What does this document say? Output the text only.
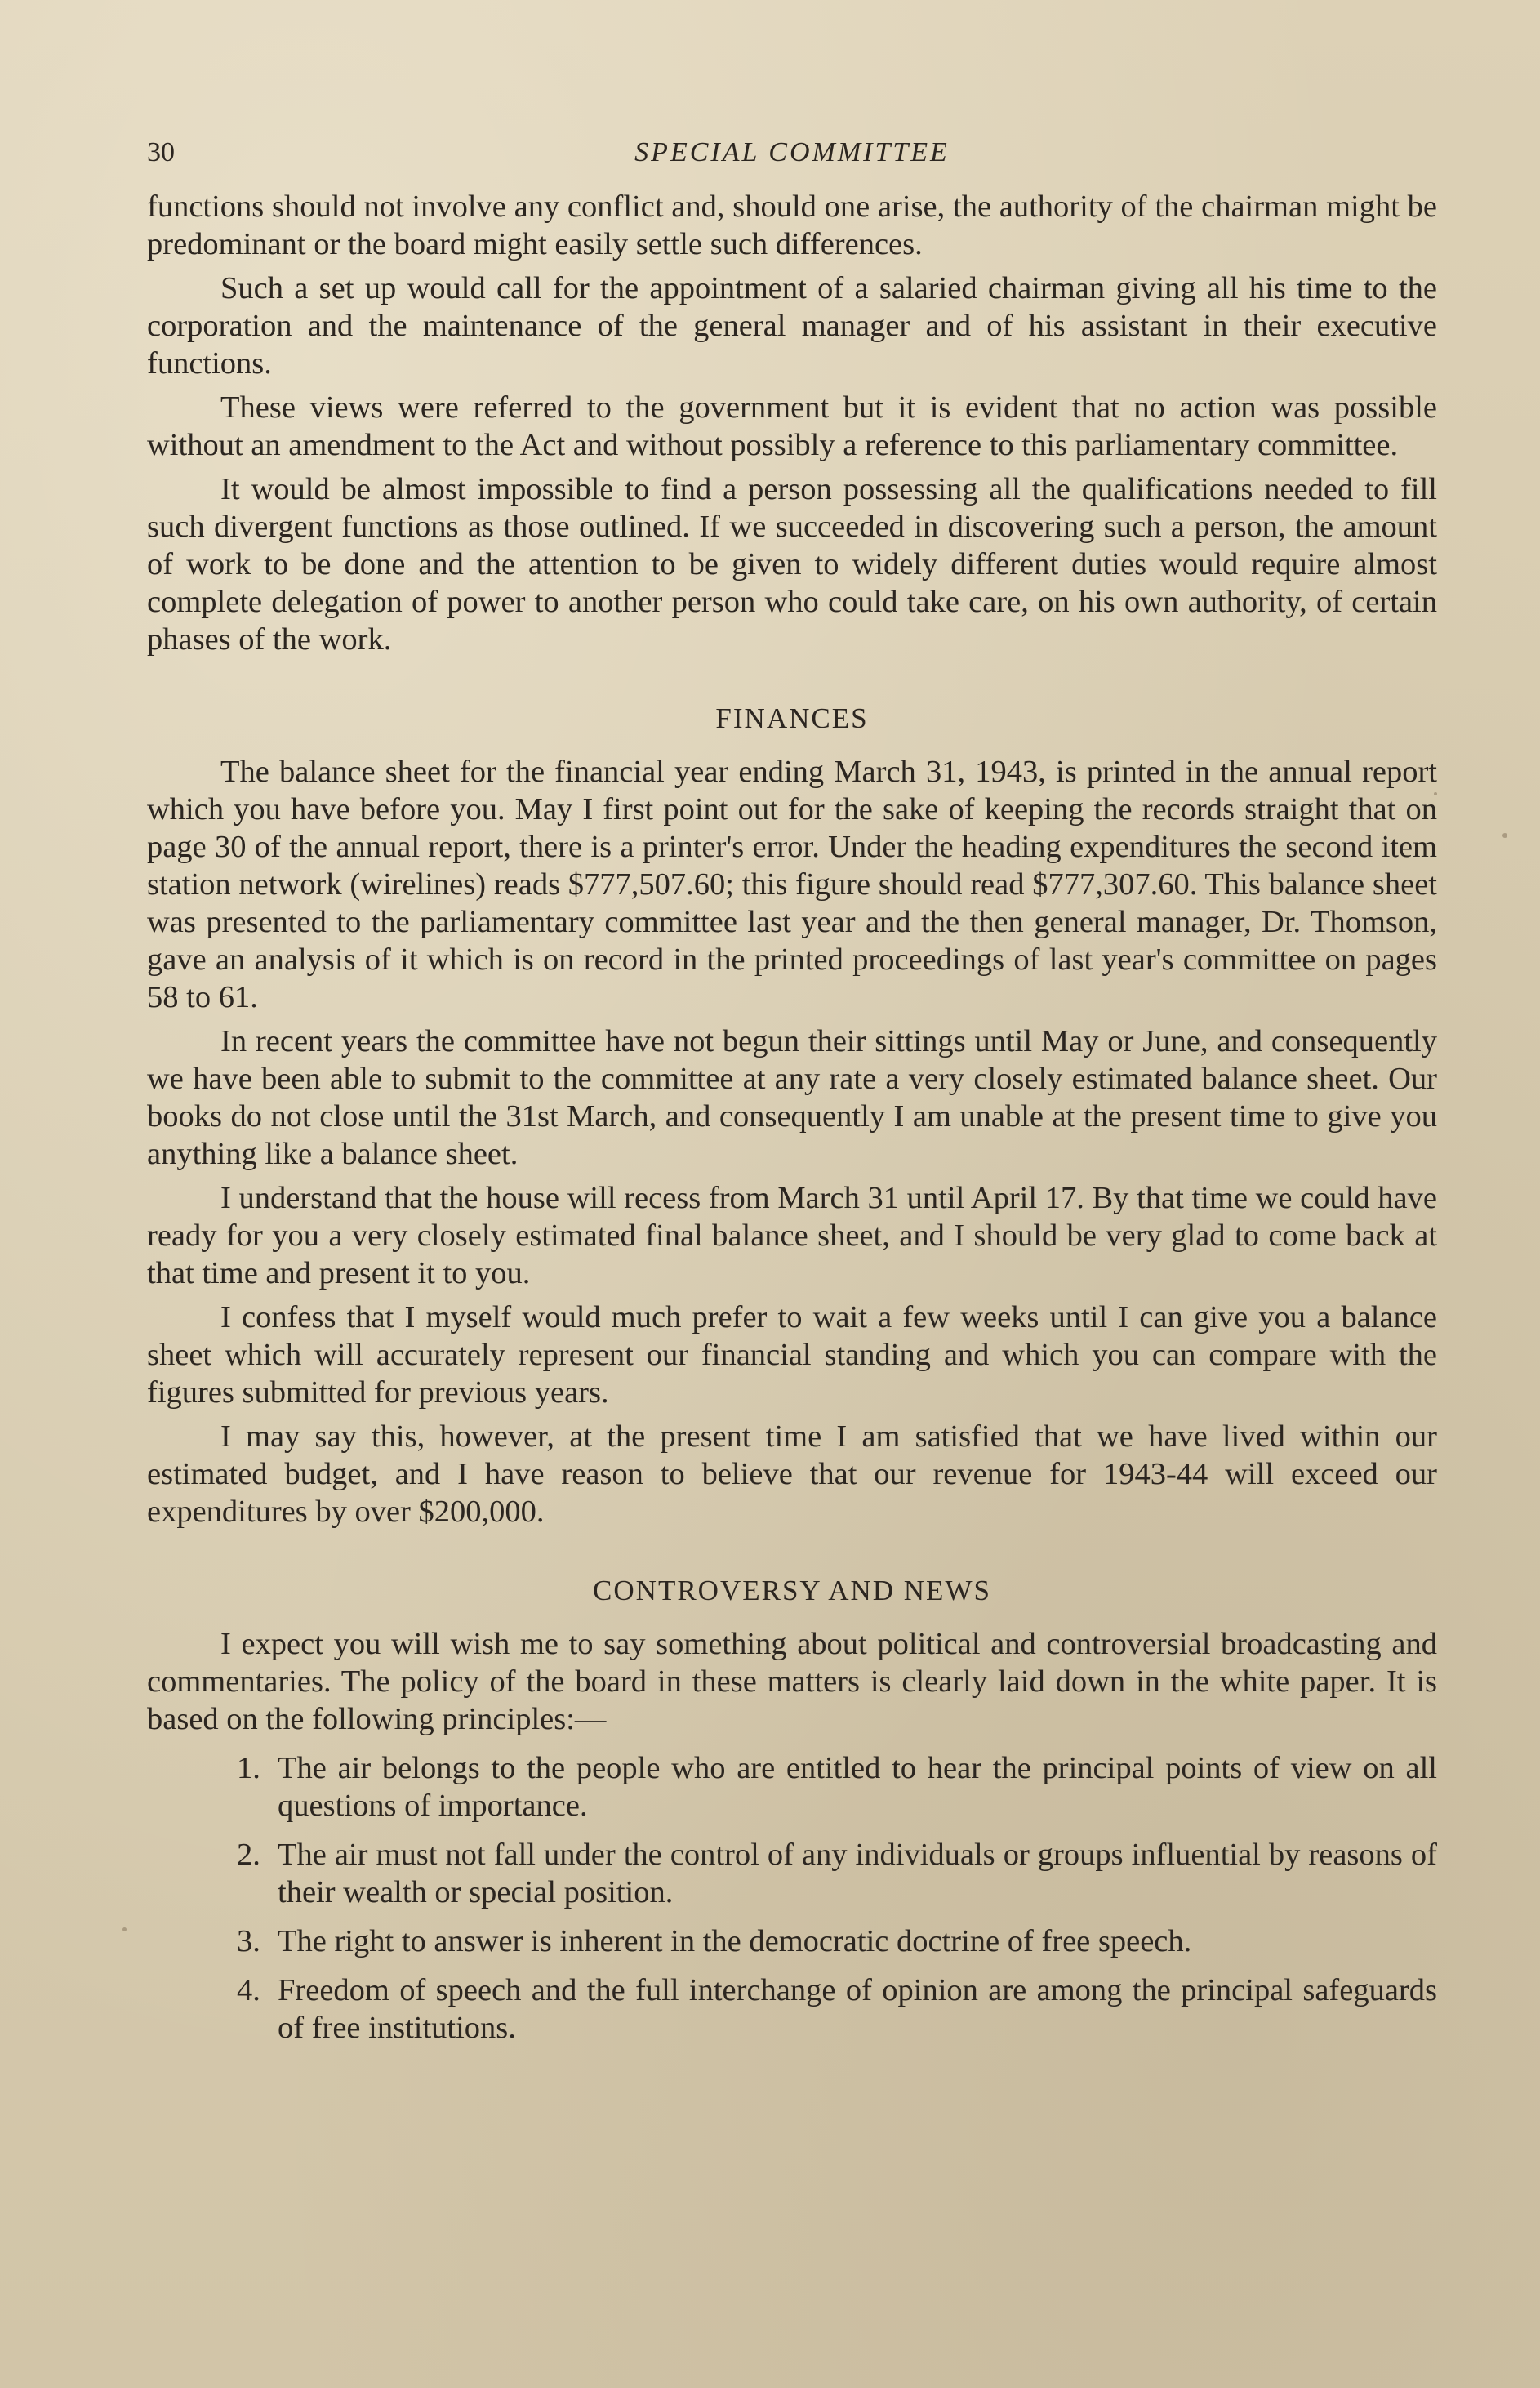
30	SPECIAL COMMITTEE

functions should not involve any conflict and, should one arise, the authority of the chairman might be predominant or the board might easily settle such differences.

Such a set up would call for the appointment of a salaried chairman giving all his time to the corporation and the maintenance of the general manager and of his assistant in their executive functions.

These views were referred to the government but it is evident that no action was possible without an amendment to the Act and without possibly a reference to this parliamentary committee.

It would be almost impossible to find a person possessing all the qualifications needed to fill such divergent functions as those outlined. If we succeeded in discovering such a person, the amount of work to be done and the attention to be given to widely different duties would require almost complete delegation of power to another person who could take care, on his own authority, of certain phases of the work.

FINANCES

The balance sheet for the financial year ending March 31, 1943, is printed in the annual report which you have before you. May I first point out for the sake of keeping the records straight that on page 30 of the annual report, there is a printer's error. Under the heading expenditures the second item station network (wirelines) reads $777,507.60; this figure should read $777,307.60. This balance sheet was presented to the parliamentary committee last year and the then general manager, Dr. Thomson, gave an analysis of it which is on record in the printed proceedings of last year's committee on pages 58 to 61.

In recent years the committee have not begun their sittings until May or June, and consequently we have been able to submit to the committee at any rate a very closely estimated balance sheet. Our books do not close until the 31st March, and consequently I am unable at the present time to give you anything like a balance sheet.

I understand that the house will recess from March 31 until April 17. By that time we could have ready for you a very closely estimated final balance sheet, and I should be very glad to come back at that time and present it to you.

I confess that I myself would much prefer to wait a few weeks until I can give you a balance sheet which will accurately represent our financial standing and which you can compare with the figures submitted for previous years.

I may say this, however, at the present time I am satisfied that we have lived within our estimated budget, and I have reason to believe that our revenue for 1943-44 will exceed our expenditures by over $200,000.

CONTROVERSY AND NEWS

I expect you will wish me to say something about political and controversial broadcasting and commentaries. The policy of the board in these matters is clearly laid down in the white paper. It is based on the following principles:—

1. The air belongs to the people who are entitled to hear the principal points of view on all questions of importance.
2. The air must not fall under the control of any individuals or groups influential by reasons of their wealth or special position.
3. The right to answer is inherent in the democratic doctrine of free speech.
4. Freedom of speech and the full interchange of opinion are among the principal safeguards of free institutions.
